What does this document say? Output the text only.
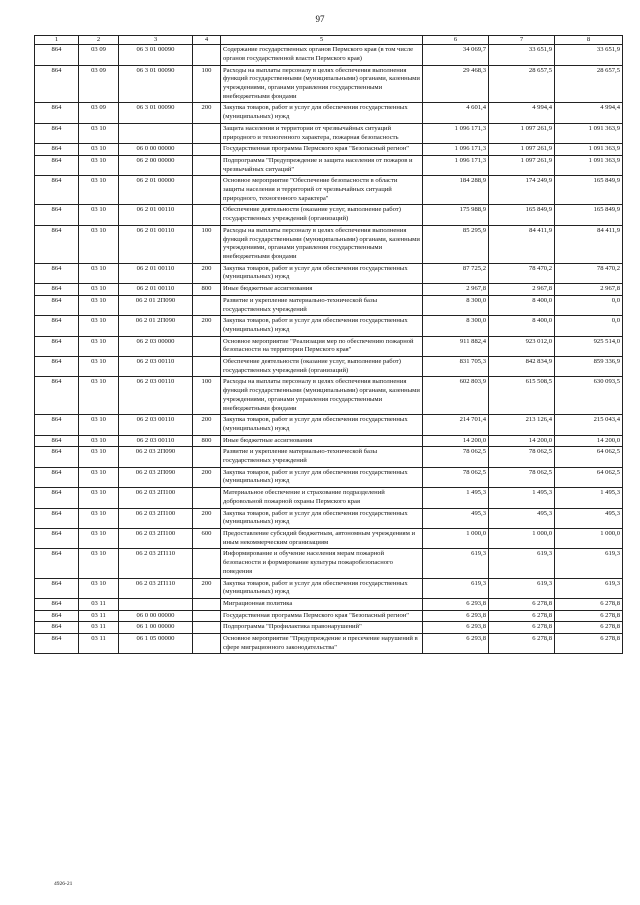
97
1	2	3	4	5	6	7	8
864	03 09	06 3 01 00090		Содержание государственных органов Пермского края (в том числе органов государственной власти Пермского края)	34 069,7	33 651,9	33 651,9
864	03 09	06 3 01 00090	100	Расходы на выплаты персоналу в целях обеспечения выполнения функций государственными (муниципальными) органами, казенными учреждениями, органами управления государственными внебюджетными фондами	29 468,3	28 657,5	28 657,5
864	03 09	06 3 01 00090	200	Закупка товаров, работ и услуг для обеспечения государственных (муниципальных) нужд	4 601,4	4 994,4	4 994,4
864	03 10			Защита населения и территории от чрезвычайных ситуаций природного и техногенного характера, пожарная безопасность	1 096 171,3	1 097 261,9	1 091 363,9
864	03 10	06 0 00 00000		Государственная программа Пермского края "Безопасный регион"	1 096 171,3	1 097 261,9	1 091 363,9
864	03 10	06 2 00 00000		Подпрограмма "Предупреждение и защита населения от пожаров и чрезвычайных ситуаций"	1 096 171,3	1 097 261,9	1 091 363,9
864	03 10	06 2 01 00000		Основное мероприятие "Обеспечение безопасности в области защиты населения и территорий от чрезвычайных ситуаций природного, техногенного характера"	184 288,9	174 249,9	165 849,9
864	03 10	06 2 01 00110		Обеспечение деятельности (оказание услуг, выполнение работ) государственных учреждений (организаций)	175 988,9	165 849,9	165 849,9
864	03 10	06 2 01 00110	100	Расходы на выплаты персоналу в целях обеспечения выполнения функций государственными (муниципальными) органами, казенными учреждениями, органами управления государственными внебюджетными фондами	85 295,9	84 411,9	84 411,9
864	03 10	06 2 01 00110	200	Закупка товаров, работ и услуг для обеспечения государственных (муниципальных) нужд	87 725,2	78 470,2	78 470,2
864	03 10	06 2 01 00110	800	Иные бюджетные ассигнования	2 967,8	2 967,8	2 967,8
864	03 10	06 2 01 2П090		Развитие и укрепление материально-технической базы государственных учреждений	8 300,0	8 400,0	0,0
864	03 10	06 2 01 2П090	200	Закупка товаров, работ и услуг для обеспечения государственных (муниципальных) нужд	8 300,0	8 400,0	0,0
864	03 10	06 2 03 00000		Основное мероприятие "Реализация мер по обеспечению пожарной безопасности на территории Пермского края"	911 882,4	923 012,0	925 514,0
864	03 10	06 2 03 00110		Обеспечение деятельности (оказание услуг, выполнение работ) государственных учреждений (организаций)	831 705,3	842 834,9	859 336,9
864	03 10	06 2 03 00110	100	Расходы на выплаты персоналу в целях обеспечения выполнения функций государственными (муниципальными) органами, казенными учреждениями, органами управления государственными внебюджетными фондами	602 803,9	615 508,5	630 093,5
864	03 10	06 2 03 00110	200	Закупка товаров, работ и услуг для обеспечения государственных (муниципальных) нужд	214 701,4	213 126,4	215 043,4
864	03 10	06 2 03 00110	800	Иные бюджетные ассигнования	14 200,0	14 200,0	14 200,0
864	03 10	06 2 03 2П090		Развитие и укрепление материально-технической базы государственных учреждений	78 062,5	78 062,5	64 062,5
864	03 10	06 2 03 2П090	200	Закупка товаров, работ и услуг для обеспечения государственных (муниципальных) нужд	78 062,5	78 062,5	64 062,5
864	03 10	06 2 03 2П100		Материальное обеспечение и страхование подразделений добровольной пожарной охраны Пермского края	1 495,3	1 495,3	1 495,3
864	03 10	06 2 03 2П100	200	Закупка товаров, работ и услуг для обеспечения государственных (муниципальных) нужд	495,3	495,3	495,3
864	03 10	06 2 03 2П100	600	Предоставление субсидий бюджетным, автономным учреждениям и иным некоммерческим организациям	1 000,0	1 000,0	1 000,0
864	03 10	06 2 03 2П110		Информирование и обучение населения мерам пожарной безопасности и формирование культуры пожаробезопасного поведения	619,3	619,3	619,3
864	03 10	06 2 03 2П110	200	Закупка товаров, работ и услуг для обеспечения государственных (муниципальных) нужд	619,3	619,3	619,3
864	03 11			Миграционная политика	6 293,8	6 278,8	6 278,8
864	03 11	06 0 00 00000		Государственная программа Пермского края "Безопасный регион"	6 293,8	6 278,8	6 278,8
864	03 11	06 1 00 00000		Подпрограмма "Профилактика правонарушений"	6 293,8	6 278,8	6 278,8
864	03 11	06 1 05 00000		Основное мероприятие "Предупреждение и пресечение нарушений в сфере миграционного законодательства"	6 293,8	6 278,8	6 278,8
4926-21
